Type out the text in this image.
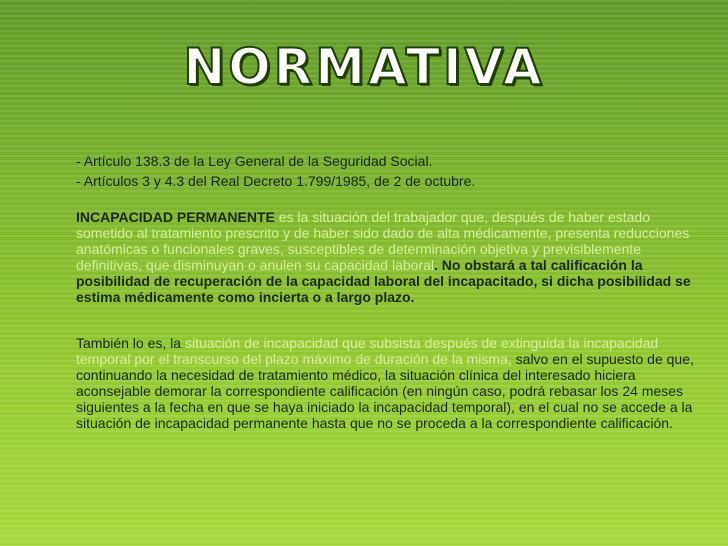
NORMATIVA
- Artículo 138.3 de la Ley General de la Seguridad Social.
- Artículos 3 y 4.3 del Real Decreto 1.799/1985, de 2 de octubre.
INCAPACIDAD PERMANENTE es la situación del trabajador que, después de haber estado sometido al tratamiento prescrito y de haber sido dado de alta médicamente, presenta reducciones anatómicas o funcionales graves, susceptibles de determinación objetiva y previsiblemente definitivas, que disminuyan o anulen su capacidad laboral. No obstará a tal calificación la posibilidad de recuperación de la capacidad laboral del incapacitado, si dicha posibilidad se estima médicamente como incierta o a largo plazo.
También lo es, la situación de incapacidad que subsista después de extinguida la incapacidad temporal por el transcurso del plazo máximo de duración de la misma, salvo en el supuesto de que, continuando la necesidad de tratamiento médico, la situación clínica del interesado hiciera aconsejable demorar la correspondiente calificación (en ningún caso, podrá rebasar los 24 meses siguientes a la fecha en que se haya iniciado la incapacidad temporal), en el cual no se accede a la situación de incapacidad permanente hasta que no se proceda a la correspondiente calificación.
